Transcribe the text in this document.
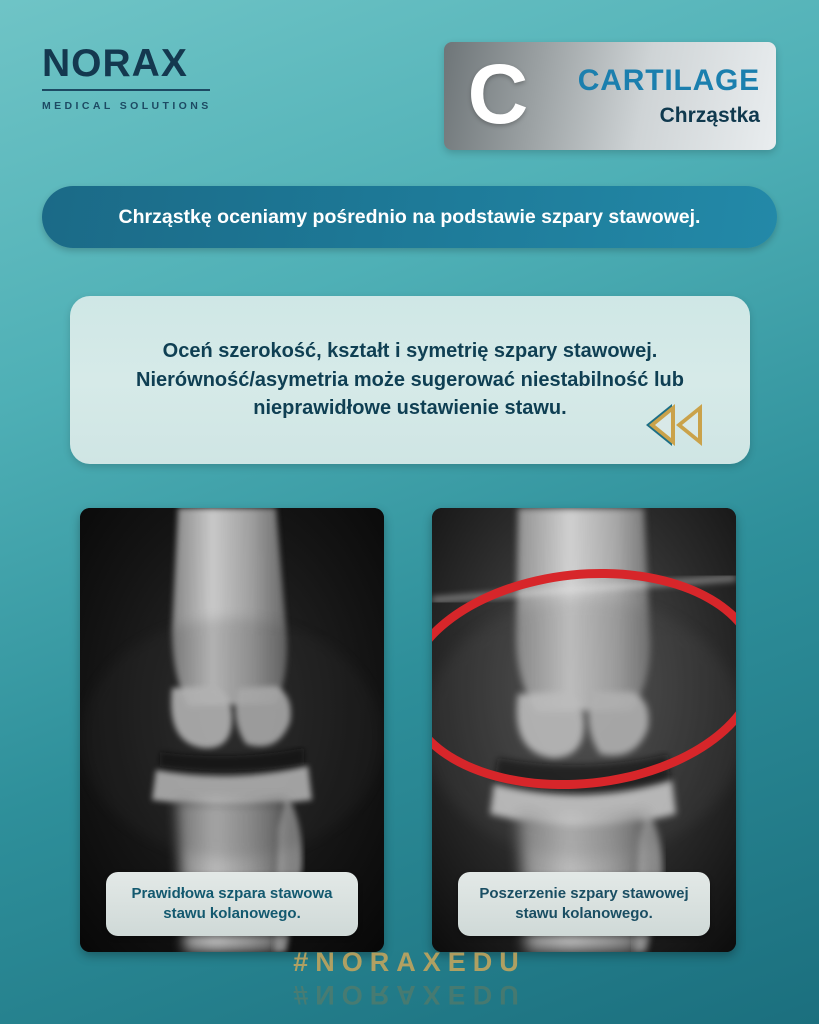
NORAX
MEDICAL SOLUTIONS	C	CARTILAGE
Chrząstka
Chrząstkę oceniamy pośrednio na podstawie szpary stawowej.
Oceń szerokość, kształt i symetrię szpary stawowej.
Nierówność/asymetria może sugerować niestabilność lub
nieprawidłowe ustawienie stawu.
Prawidłowa szpara stawowa
stawu kolanowego.
Poszerzenie szpary stawowej
stawu kolanowego.
#NORAXEDU
#NORAXEDU
